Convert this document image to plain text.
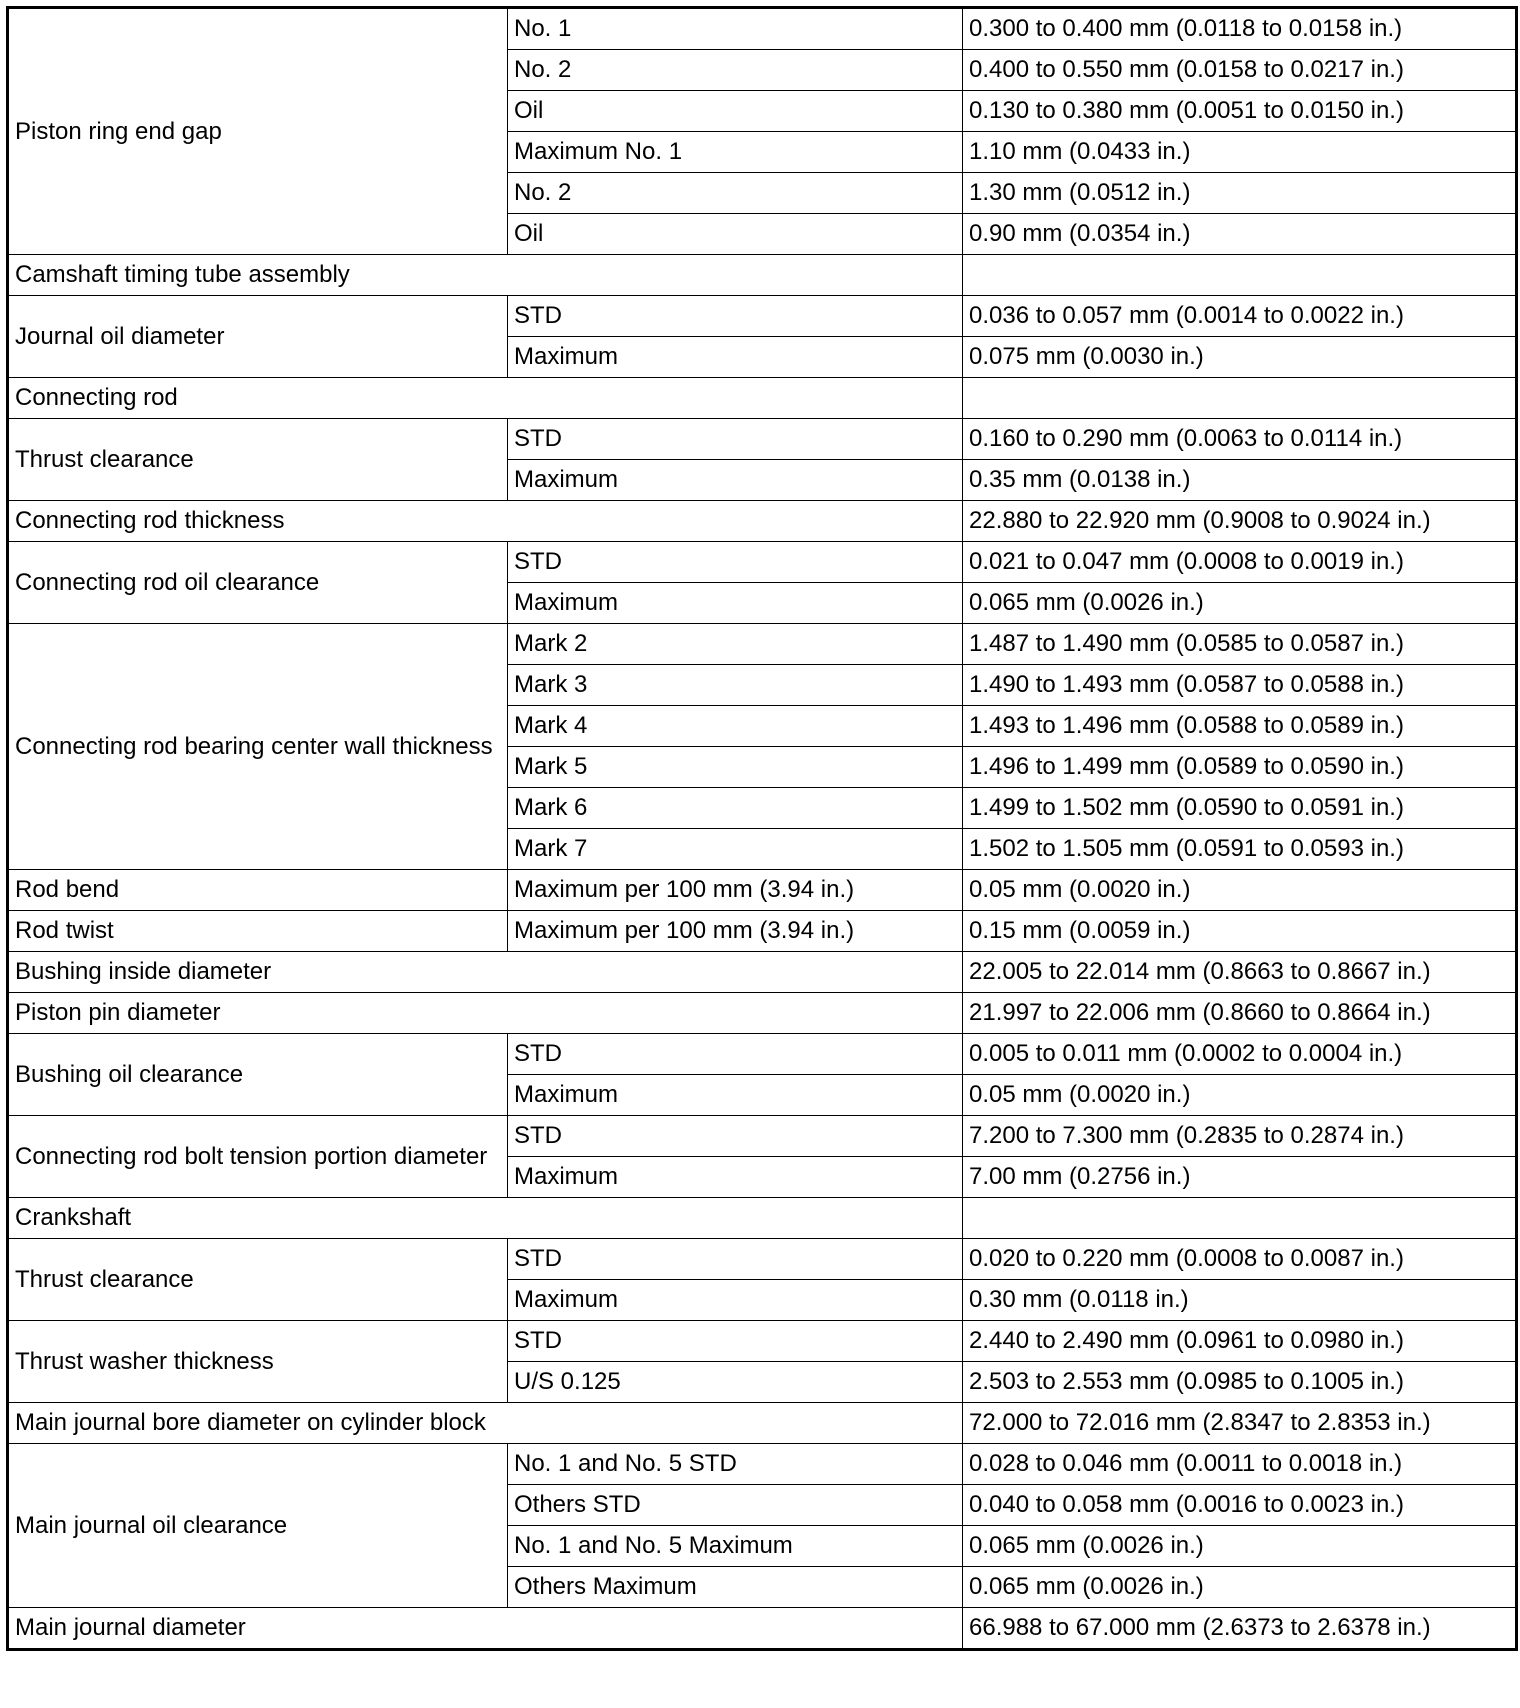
Piston ring end gap	No. 1	0.300 to 0.400 mm (0.0118 to 0.0158 in.)
	No. 2	0.400 to 0.550 mm (0.0158 to 0.0217 in.)
	Oil	0.130 to 0.380 mm (0.0051 to 0.0150 in.)
	Maximum No. 1	1.10 mm (0.0433 in.)
	No. 2	1.30 mm (0.0512 in.)
	Oil	0.90 mm (0.0354 in.)
Camshaft timing tube assembly		
Journal oil diameter	STD	0.036 to 0.057 mm (0.0014 to 0.0022 in.)
	Maximum	0.075 mm (0.0030 in.)
Connecting rod		
Thrust clearance	STD	0.160 to 0.290 mm (0.0063 to 0.0114 in.)
	Maximum	0.35 mm (0.0138 in.)
Connecting rod thickness		22.880 to 22.920 mm (0.9008 to 0.9024 in.)
Connecting rod oil clearance	STD	0.021 to 0.047 mm (0.0008 to 0.0019 in.)
	Maximum	0.065 mm (0.0026 in.)
Connecting rod bearing center wall thickness	Mark 2	1.487 to 1.490 mm (0.0585 to 0.0587 in.)
	Mark 3	1.490 to 1.493 mm (0.0587 to 0.0588 in.)
	Mark 4	1.493 to 1.496 mm (0.0588 to 0.0589 in.)
	Mark 5	1.496 to 1.499 mm (0.0589 to 0.0590 in.)
	Mark 6	1.499 to 1.502 mm (0.0590 to 0.0591 in.)
	Mark 7	1.502 to 1.505 mm (0.0591 to 0.0593 in.)
Rod bend	Maximum per 100 mm (3.94 in.)	0.05 mm (0.0020 in.)
Rod twist	Maximum per 100 mm (3.94 in.)	0.15 mm (0.0059 in.)
Bushing inside diameter		22.005 to 22.014 mm (0.8663 to 0.8667 in.)
Piston pin diameter		21.997 to 22.006 mm (0.8660 to 0.8664 in.)
Bushing oil clearance	STD	0.005 to 0.011 mm (0.0002 to 0.0004 in.)
	Maximum	0.05 mm (0.0020 in.)
Connecting rod bolt tension portion diameter	STD	7.200 to 7.300 mm (0.2835 to 0.2874 in.)
	Maximum	7.00 mm (0.2756 in.)
Crankshaft		
Thrust clearance	STD	0.020 to 0.220 mm (0.0008 to 0.0087 in.)
	Maximum	0.30 mm (0.0118 in.)
Thrust washer thickness	STD	2.440 to 2.490 mm (0.0961 to 0.0980 in.)
	U/S 0.125	2.503 to 2.553 mm (0.0985 to 0.1005 in.)
Main journal bore diameter on cylinder block		72.000 to 72.016 mm (2.8347 to 2.8353 in.)
Main journal oil clearance	No. 1 and No. 5 STD	0.028 to 0.046 mm (0.0011 to 0.0018 in.)
	Others STD	0.040 to 0.058 mm (0.0016 to 0.0023 in.)
	No. 1 and No. 5 Maximum	0.065 mm (0.0026 in.)
	Others Maximum	0.065 mm (0.0026 in.)
Main journal diameter		66.988 to 67.000 mm (2.6373 to 2.6378 in.)
